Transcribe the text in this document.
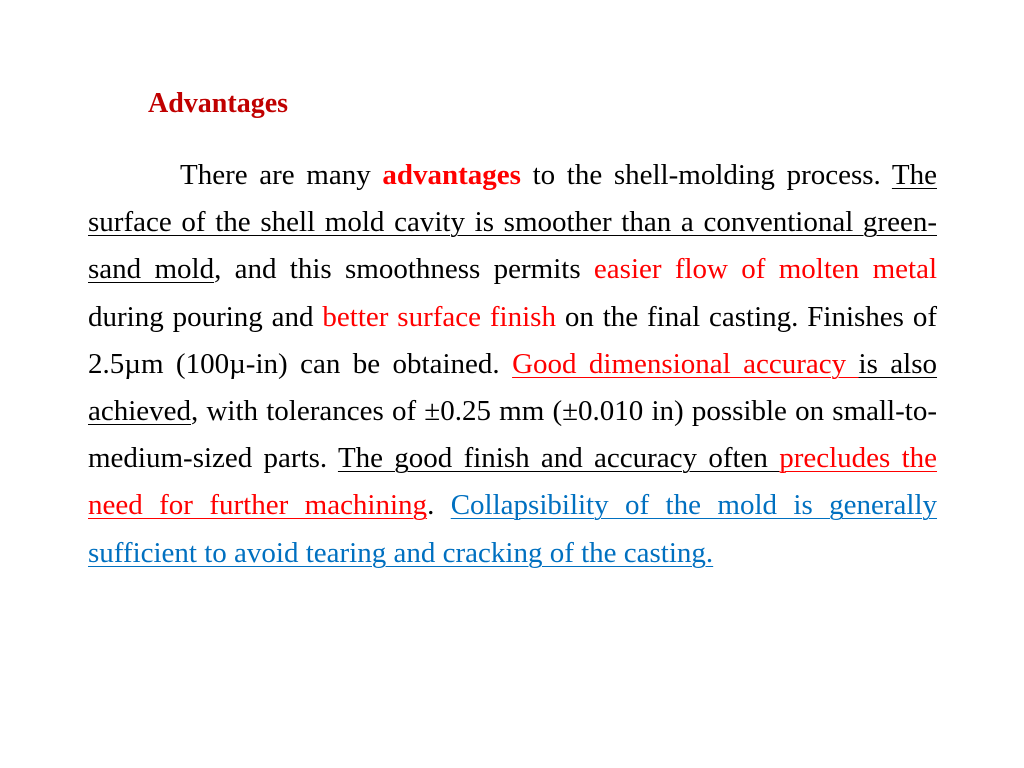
Advantages

There are many advantages to the shell-molding process. The surface of the shell mold cavity is smoother than a conventional green-sand mold, and this smoothness permits easier flow of molten metal during pouring and better surface finish on the final casting. Finishes of 2.5µm (100µ-in) can be obtained. Good dimensional accuracy is also achieved, with tolerances of ±0.25 mm (±0.010 in) possible on small-to-medium-sized parts. The good finish and accuracy often precludes the need for further machining. Collapsibility of the mold is generally sufficient to avoid tearing and cracking of the casting.
